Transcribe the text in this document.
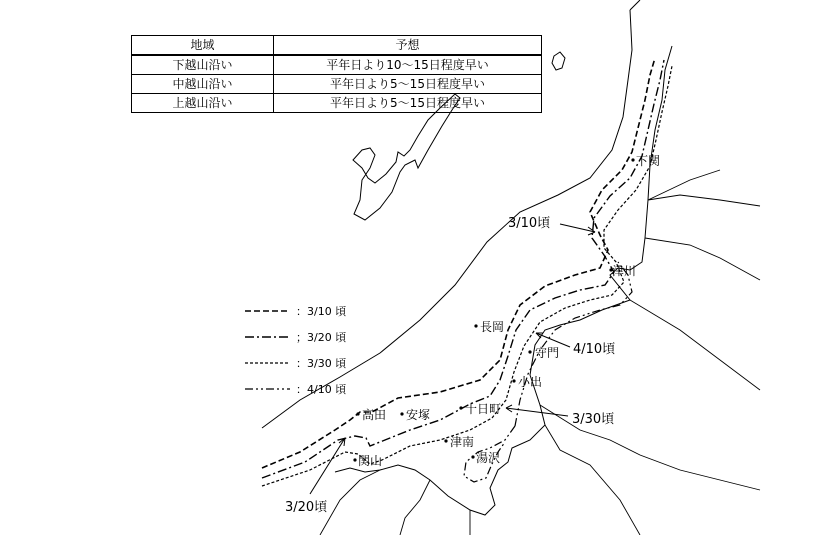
：3/10 頃
；3/20 頃
：3/30 頃
：4/10 頃
下関
津川
長岡
守門
小出
高田 安塚	十日町
津南
関山	湯沢
3/10頃
4/10頃
3/30頃
3/20頃
地域	予想
下越山沿い	平年日より10～15日程度早い
中越山沿い	平年日より5～15日程度早い
上越山沿い	平年日より5～15日程度早い
